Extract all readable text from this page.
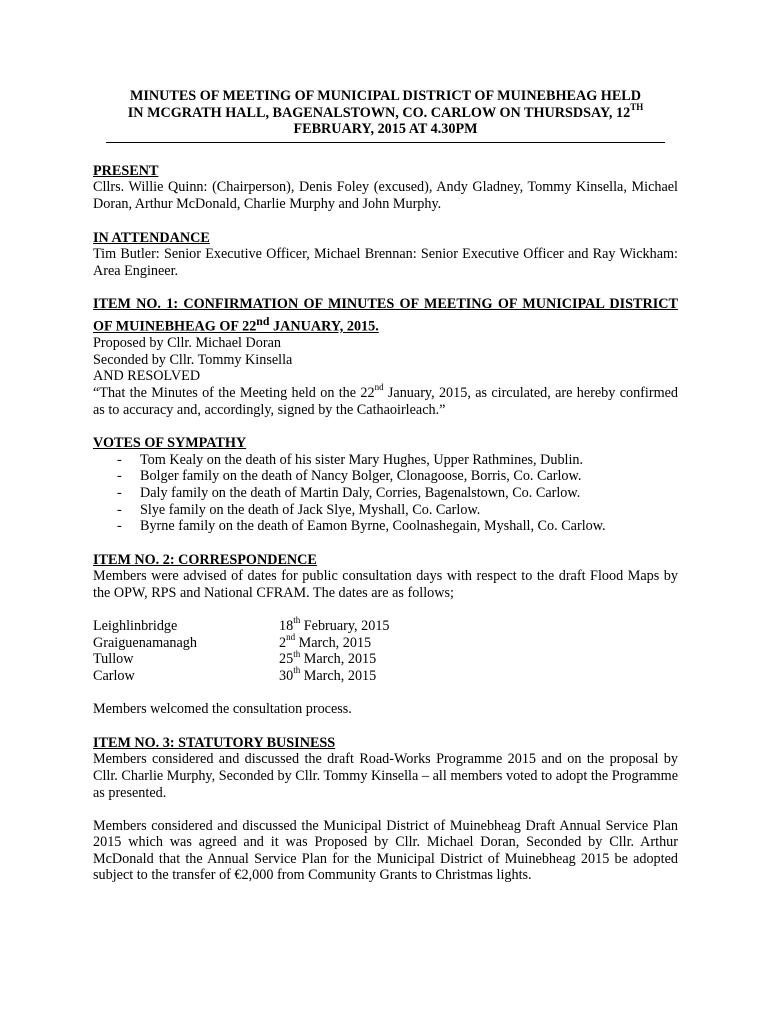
MINUTES OF MEETING OF MUNICIPAL DISTRICT OF MUINEBHEAG HELD
IN MCGRATH HALL, BAGENALSTOWN, CO. CARLOW ON THURSDSAY, 12TH
FEBRUARY, 2015 AT 4.30PM
PRESENT

Cllrs. Willie Quinn: (Chairperson), Denis Foley (excused), Andy Gladney, Tommy Kinsella, Michael Doran, Arthur McDonald, Charlie Murphy and John Murphy.

IN ATTENDANCE

Tim Butler: Senior Executive Officer, Michael Brennan: Senior Executive Officer and Ray Wickham: Area Engineer.

ITEM NO. 1: CONFIRMATION OF MINUTES OF MEETING OF MUNICIPAL DISTRICT OF MUINEBHEAG OF 22nd JANUARY, 2015.

Proposed by Cllr. Michael Doran

Seconded by Cllr. Tommy Kinsella

AND RESOLVED

“That the Minutes of the Meeting held on the 22nd January, 2015, as circulated, are hereby confirmed as to accuracy and, accordingly, signed by the Cathaoirleach.”

VOTES OF SYMPATHY
- Tom Kealy on the death of his sister Mary Hughes, Upper Rathmines, Dublin.
- Bolger family on the death of Nancy Bolger, Clonagoose, Borris, Co. Carlow.
- Daly family on the death of Martin Daly, Corries, Bagenalstown, Co. Carlow.
- Slye family on the death of Jack Slye, Myshall, Co. Carlow.
- Byrne family on the death of Eamon Byrne, Coolnashegain, Myshall, Co. Carlow.
ITEM NO. 2: CORRESPONDENCE

Members were advised of dates for public consultation days with respect to the draft Flood Maps by the OPW, RPS and National CFRAM. The dates are as follows;

Leighlinbridge	18th February, 2015
Graiguenamanagh	2nd March, 2015
Tullow	25th March, 2015
Carlow	30th March, 2015

Members welcomed the consultation process.

ITEM NO. 3: STATUTORY BUSINESS

Members considered and discussed the draft Road-Works Programme 2015 and on the proposal by Cllr. Charlie Murphy, Seconded by Cllr. Tommy Kinsella – all members voted to adopt the Programme as presented.

Members considered and discussed the Municipal District of Muinebheag Draft Annual Service Plan 2015 which was agreed and it was Proposed by Cllr. Michael Doran, Seconded by Cllr. Arthur McDonald that the Annual Service Plan for the Municipal District of Muinebheag 2015 be adopted subject to the transfer of €2,000 from Community Grants to Christmas lights.
